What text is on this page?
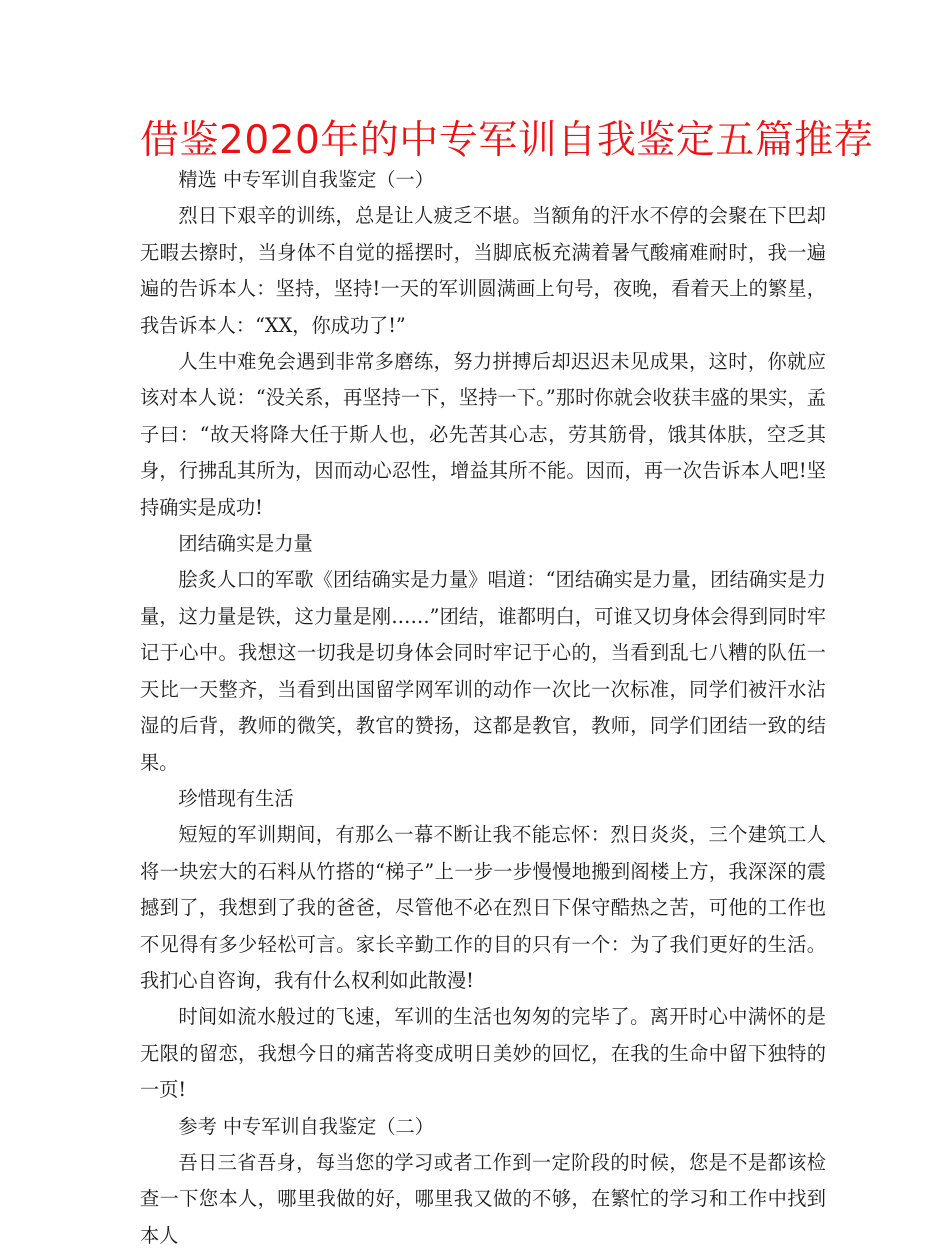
借鉴2020年的中专军训自我鉴定五篇推荐

精选 中专军训自我鉴定（一）

烈日下艰辛的训练，总是让人疲乏不堪。当额角的汗水不停的会聚在下巴却无暇去擦时，当身体不自觉的摇摆时，当脚底板充满着暑气酸痛难耐时，我一遍遍的告诉本人：坚持，坚持!一天的军训圆满画上句号，夜晚，看着天上的繁星，我告诉本人：“XX，你成功了!”

人生中难免会遇到非常多磨练，努力拼搏后却迟迟未见成果，这时，你就应该对本人说：“没关系，再坚持一下，坚持一下。”那时你就会收获丰盛的果实，孟子曰：“故天将降大任于斯人也，必先苦其心志，劳其筋骨，饿其体肤，空乏其身，行拂乱其所为，因而动心忍性，增益其所不能。因而，再一次告诉本人吧!坚持确实是成功!

团结确实是力量

脍炙人口的军歌《团结确实是力量》唱道：“团结确实是力量，团结确实是力量，这力量是铁，这力量是刚……”团结，谁都明白，可谁又切身体会得到同时牢记于心中。我想这一切我是切身体会同时牢记于心的，当看到乱七八糟的队伍一天比一天整齐，当看到出国留学网军训的动作一次比一次标准，同学们被汗水沾湿的后背，教师的微笑，教官的赞扬，这都是教官，教师，同学们团结一致的结果。

珍惜现有生活

短短的军训期间，有那么一幕不断让我不能忘怀：烈日炎炎，三个建筑工人将一块宏大的石料从竹搭的“梯子”上一步一步慢慢地搬到阁楼上方，我深深的震撼到了，我想到了我的爸爸，尽管他不必在烈日下保守酷热之苦，可他的工作也不见得有多少轻松可言。家长辛勤工作的目的只有一个：为了我们更好的生活。我扪心自咨询，我有什么权利如此散漫!

时间如流水般过的飞速，军训的生活也匆匆的完毕了。离开时心中满怀的是无限的留恋，我想今日的痛苦将变成明日美妙的回忆，在我的生命中留下独特的一页!

参考 中专军训自我鉴定（二）

吾日三省吾身，每当您的学习或者工作到一定阶段的时候，您是不是都该检查一下您本人，哪里我做的好，哪里我又做的不够，在繁忙的学习和工作中找到本人
